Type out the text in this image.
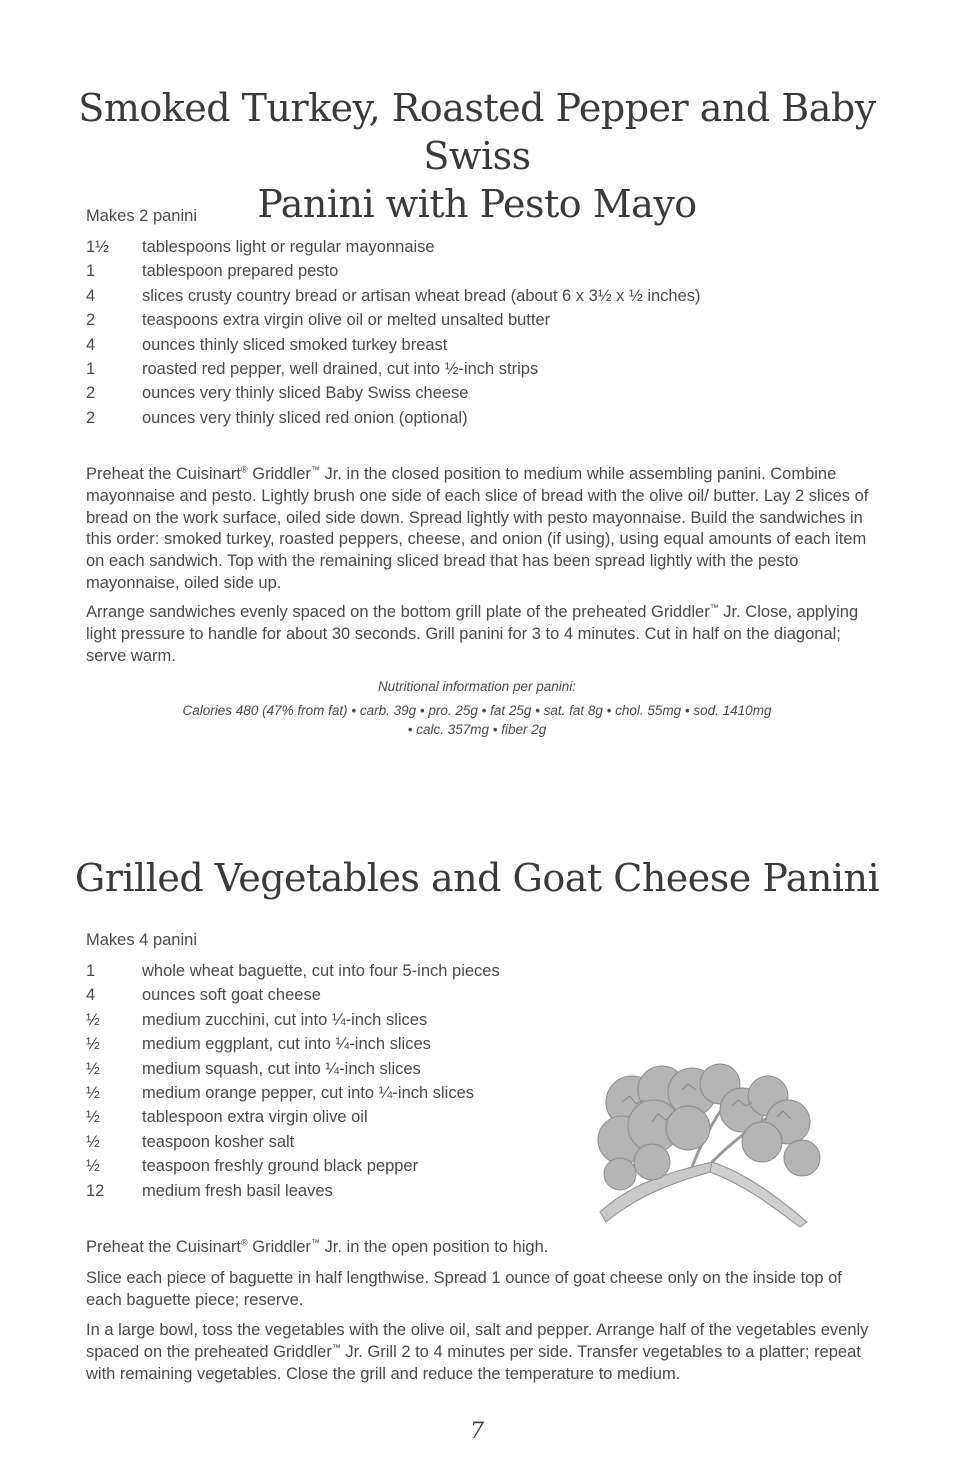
Smoked Turkey, Roasted Pepper and Baby Swiss
Panini with Pesto Mayo
Makes 2 panini
1½ tablespoons light or regular mayonnaise
1	tablespoon prepared pesto
4	slices crusty country bread or artisan wheat bread (about 6 x 3½ x ½ inches)
2	teaspoons extra virgin olive oil or melted unsalted butter
4	ounces thinly sliced smoked turkey breast
1	roasted red pepper, well drained, cut into ½-inch strips
2	ounces very thinly sliced Baby Swiss cheese
2	ounces very thinly sliced red onion (optional)

Preheat the Cuisinart® Griddler™ Jr. in the closed position to medium while assembling panini. Combine mayonnaise and pesto. Lightly brush one side of each slice of bread with the olive oil/ butter. Lay 2 slices of bread on the work surface, oiled side down. Spread lightly with pesto mayonnaise. Build the sandwiches in this order: smoked turkey, roasted peppers, cheese, and onion (if using), using equal amounts of each item on each sandwich. Top with the remaining sliced bread that has been spread lightly with the pesto mayonnaise, oiled side up.

Arrange sandwiches evenly spaced on the bottom grill plate of the preheated Griddler™ Jr. Close, applying light pressure to handle for about 30 seconds. Grill panini for 3 to 4 minutes. Cut in half on the diagonal; serve warm.

Nutritional information per panini:

Calories 480 (47% from fat) • carb. 39g • pro. 25g • fat 25g • sat. fat 8g • chol. 55mg • sod. 1410mg

• calc. 357mg • fiber 2g

Grilled Vegetables and Goat Cheese Panini
Makes 4 panini
1	whole wheat baguette, cut into four 5-inch pieces
4	ounces soft goat cheese
½	medium zucchini, cut into ¼-inch slices
½	medium eggplant, cut into ¼-inch slices
½	medium squash, cut into ¼-inch slices
½	medium orange pepper, cut into ¼-inch slices
½	tablespoon extra virgin olive oil
½	teaspoon kosher salt
½	teaspoon freshly ground black pepper
12 medium fresh basil leaves

Preheat the Cuisinart® Griddler™ Jr. in the open position to high.

Slice each piece of baguette in half lengthwise. Spread 1 ounce of goat cheese only on the inside top of each baguette piece; reserve.

In a large bowl, toss the vegetables with the olive oil, salt and pepper. Arrange half of the vegetables evenly spaced on the preheated Griddler™ Jr. Grill 2 to 4 minutes per side. Transfer vegetables to a platter; repeat with remaining vegetables. Close the grill and reduce the temperature to medium.

7
